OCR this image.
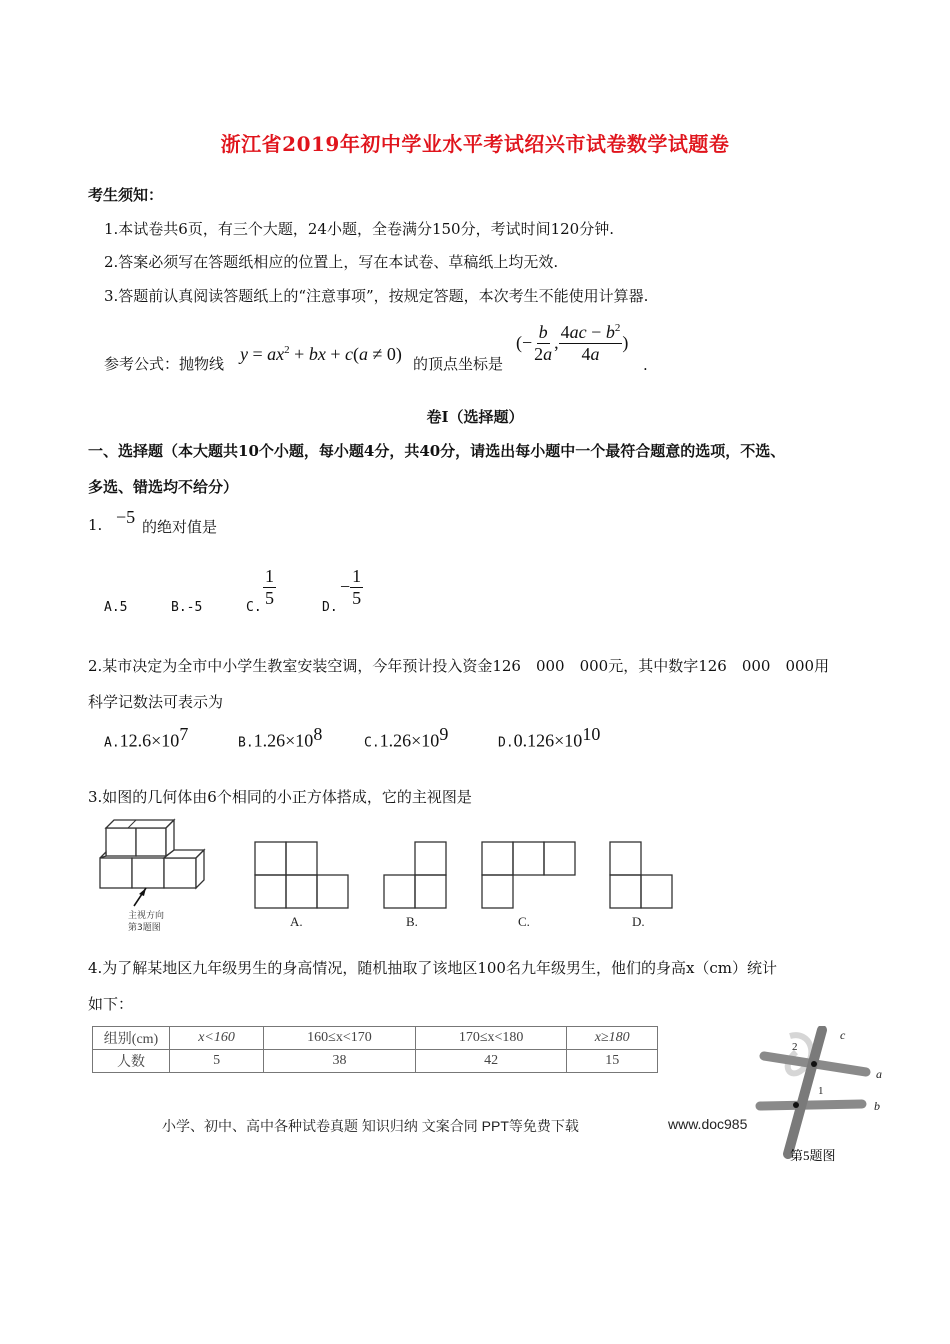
浙江省2019年初中学业水平考试绍兴市试卷数学试题卷
考生须知：
1.本试卷共6页，有三个大题，24小题，全卷满分150分，考试时间120分钟.
2.答案必须写在答题纸相应的位置上，写在本试卷、草稿纸上均无效.
3.答题前认真阅读答题纸上的“注意事项”，按规定答题，本次考生不能使用计算器.
参考公式：抛物线 $y = ax^2$ + bx + c(a ≠ 0) 的顶点坐标是
(− $\frac{b}{2a}$ , $\frac{4ac - b^2}{4a}$ )
.
卷Ⅰ（选择题）
一、选择题（本大题共10个小题，每小题4分，共40分，请选出每小题中一个最符合题意的选项，不选、
多选、错选均不给分）
1. −5 的绝对值是
A.5	B.-5	C. $\frac{1}{5}$	D.
− $\frac{1}{5}$
2.某市决定为全市中小学生教室安装空调，今年预计投入资金126　000　000元，其中数字126　000　000用
科学记数法可表示为
$A.12.6\times 10^7$	$B.1.26\times 10^8$	$C.1.26\times 10^9$	$D.0.126\times 10^{10}$
3.如图的几何体由6个相同的小正方体搭成，它的主视图是
主视方向
第3题图	A.	B.	C.	D.
4.为了解某地区九年级男生的身高情况，随机抽取了该地区100名九年级男生，他们的身高x（cm）统计
如下：
组别(cm)	x<160	160≤x<170	170≤x<180	x≥180
人数	5	38	42	15
c
a
b
1
2
第5题图
小学、初中、高中各种试卷真题 知识归纳 文案合同 PPT等免费下载	www.doc985
